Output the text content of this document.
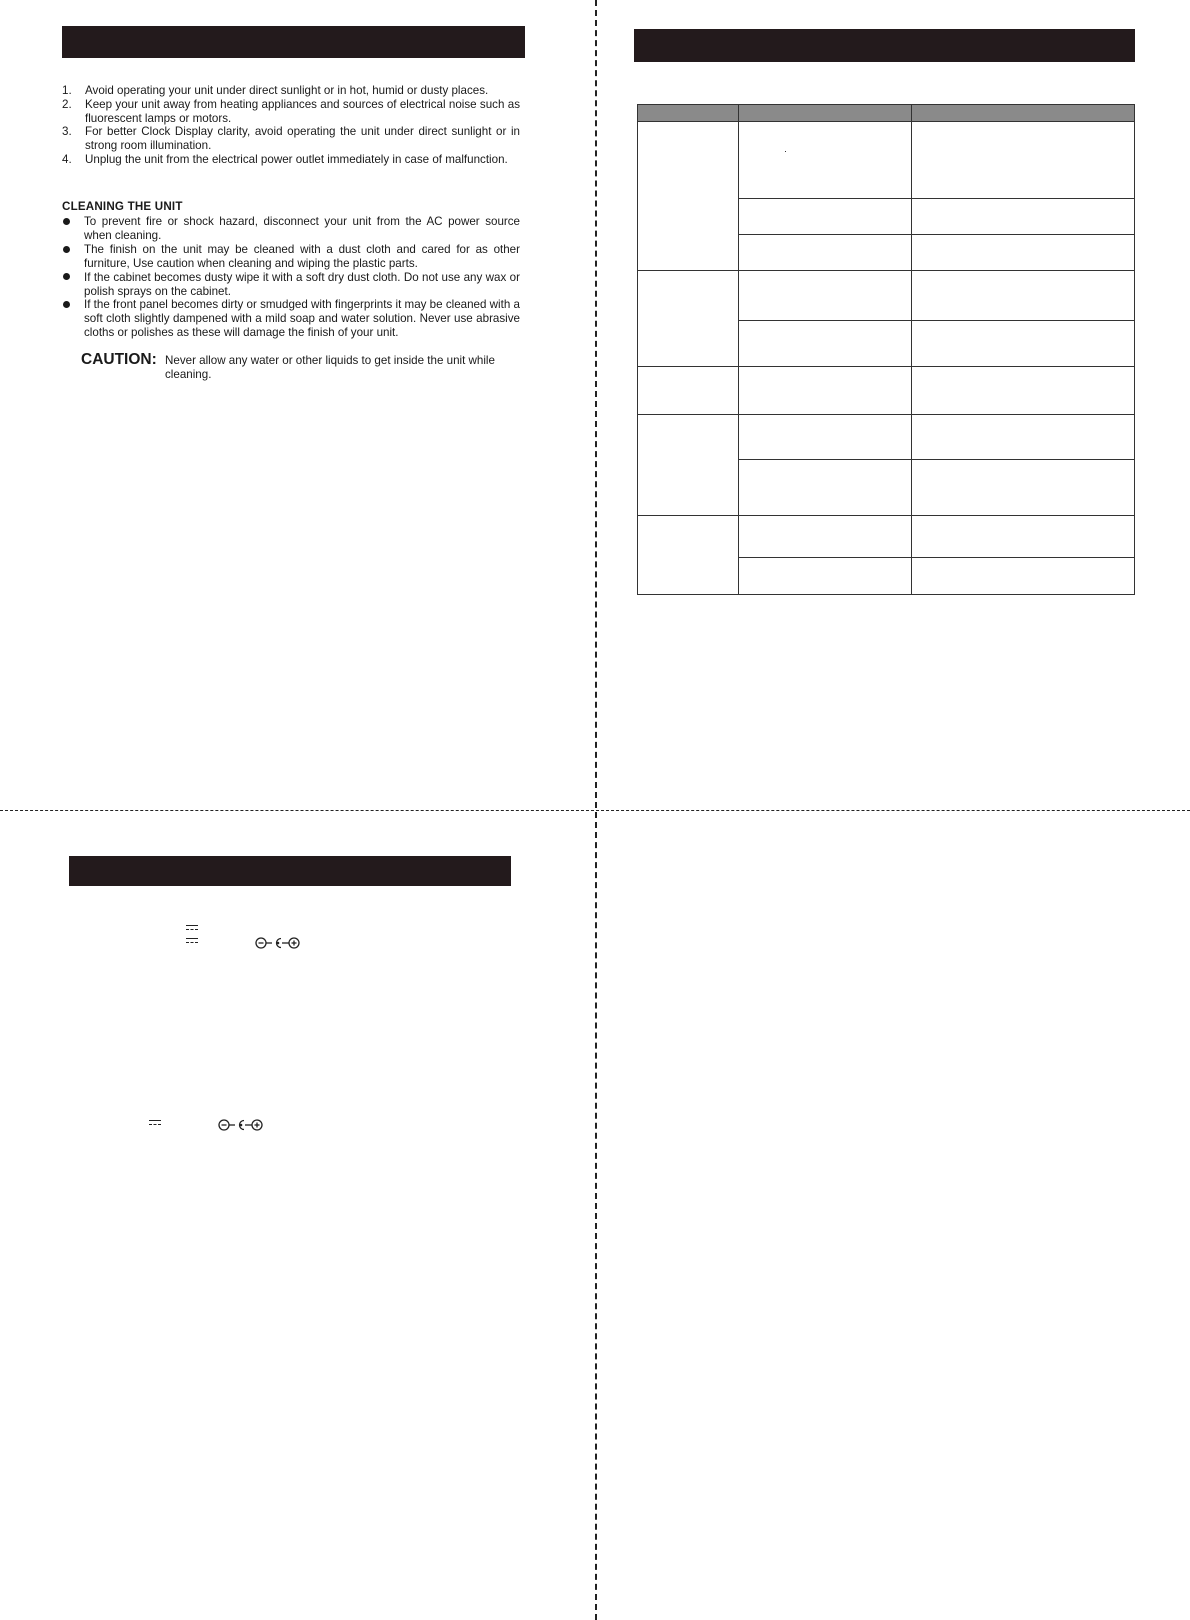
1. Avoid operating your unit under direct sunlight or in hot, humid or dusty places.
2. Keep your unit away from heating appliances and sources of electrical noise such as fluorescent lamps or motors.
3. For better Clock Display clarity, avoid operating the unit under direct sunlight or in strong room illumination.
4. Unplug the unit from the electrical power outlet immediately in case of malfunction.
CLEANING THE UNIT
To prevent fire or shock hazard, disconnect your unit from the AC power source when cleaning.
The finish on the unit may be cleaned with a dust cloth and cared for as other furniture, Use caution when cleaning and wiping the plastic parts.
If the cabinet becomes dusty wipe it with a soft dry dust cloth. Do not use any wax or polish sprays on the cabinet.
If the front panel becomes dirty or smudged with fingerprints it may be cleaned with a soft cloth slightly dampened with a mild soap and water solution. Never use abrasive cloths or polishes as these will damage the finish of your unit.
CAUTION: Never allow any water or other liquids to get inside the unit while cleaning.
